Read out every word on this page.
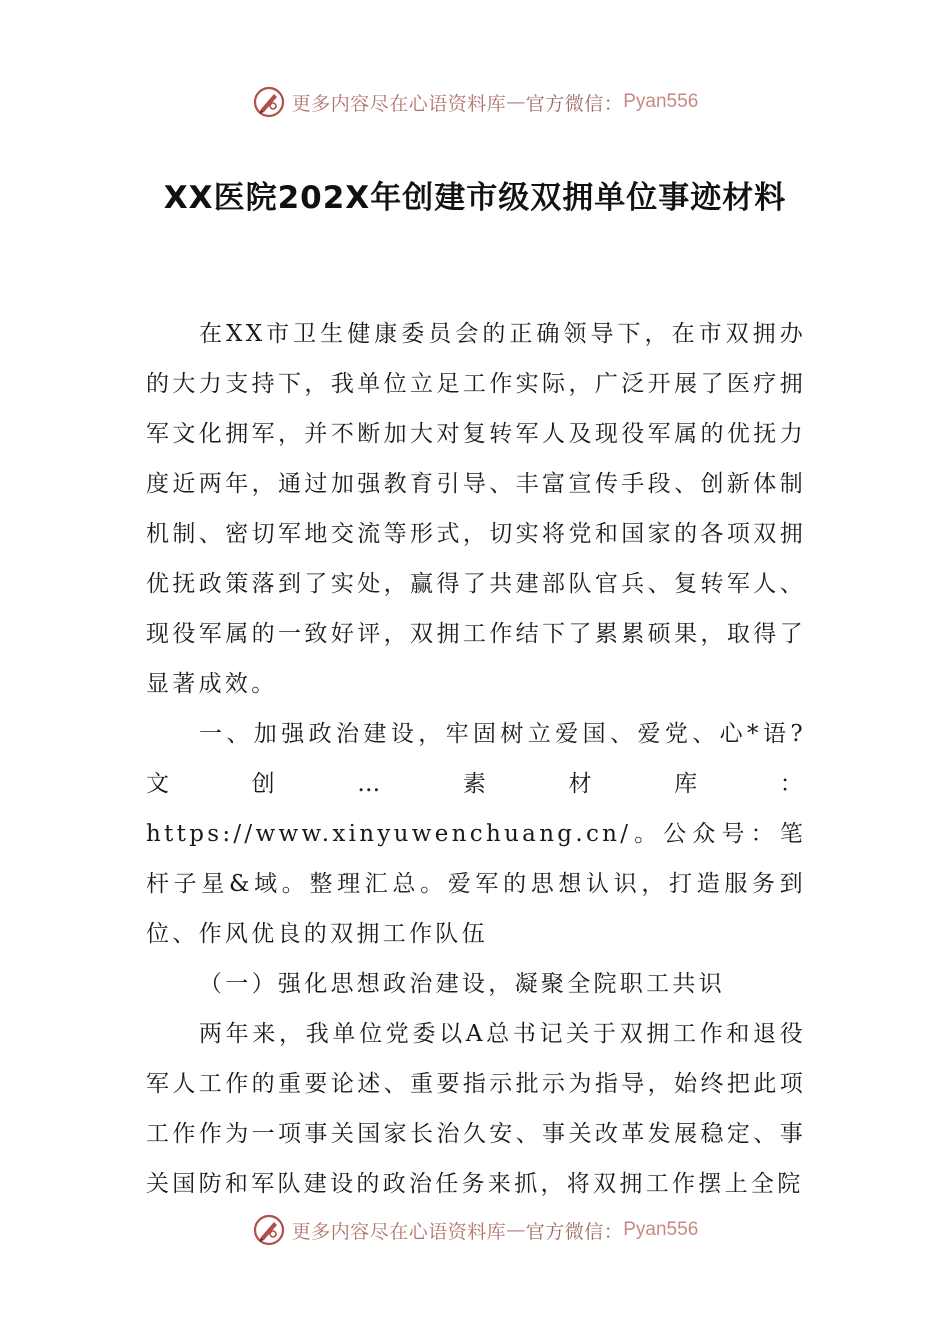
更多内容尽在心语资料库 — 官方微信： Pyan556
XX医院202X年创建市级双拥单位事迹材料

在XX市卫生健康委员会的正确领导下，在市双拥办的大力支持下，我单位立足工作实际，广泛开展了医疗拥军文化拥军，并不断加大对复转军人及现役军属的优抚力度近两年，通过加强教育引导、丰富宣传手段、创新体制机制、密切军地交流等形式，切实将党和国家的各项双拥优抚政策落到了实处，赢得了共建部队官兵、复转军人、现役军属的一致好评，双拥工作结下了累累硕果，取得了显著成效。

一、加强政治建设，牢固树立爱国、爱党、心*语?文创…素材库：https://www.xinyuwenchuang.cn/。公众号：笔杆子星&域。整理汇总。爱军的思想认识，打造服务到位、作风优良的双拥工作队伍

（一）强化思想政治建设，凝聚全院职工共识

两年来，我单位党委以A总书记关于双拥工作和退役军人工作的重要论述、重要指示批示为指导，始终把此项工作作为一项事关国家长治久安、事关改革发展稳定、事关国防和军队建设的政治任务来抓，将双拥工作摆上全院

更多内容尽在心语资料库 — 官方微信： Pyan556
